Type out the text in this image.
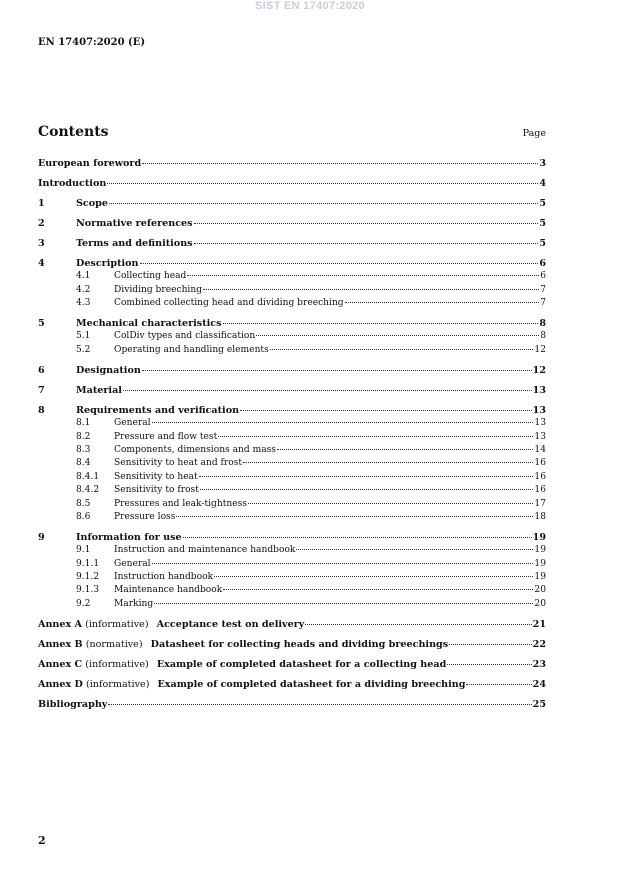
SIST EN 17407:2020
EN 17407:2020 (E)
Contents	Page
European foreword	3
Introduction	4
1	Scope	5
2	Normative references	5
3	Terms and definitions	5
4	Description	6
4.1	Collecting head	6
4.2	Dividing breeching	7
4.3	Combined collecting head and dividing breeching	7
5	Mechanical characteristics	8
5.1	ColDiv types and classification	8
5.2	Operating and handling elements	12
6	Designation	12
7	Material	13
8	Requirements and verification	13
8.1	General	13
8.2	Pressure and flow test	13
8.3	Components, dimensions and mass	14
8.4	Sensitivity to heat and frost	16
8.4.1	Sensitivity to heat	16
8.4.2	Sensitivity to frost	16
8.5	Pressures and leak-tightness	17
8.6	Pressure loss	18
9	Information for use	19
9.1	Instruction and maintenance handbook	19
9.1.1	General	19
9.1.2	Instruction handbook	19
9.1.3	Maintenance handbook	20
9.2	Marking	20
Annex A (informative) Acceptance test on delivery	21
Annex B (normative) Datasheet for collecting heads and dividing breechings	22
Annex C (informative) Example of completed datasheet for a collecting head	23
Annex D (informative) Example of completed datasheet for a dividing breeching	24
Bibliography	25
2
